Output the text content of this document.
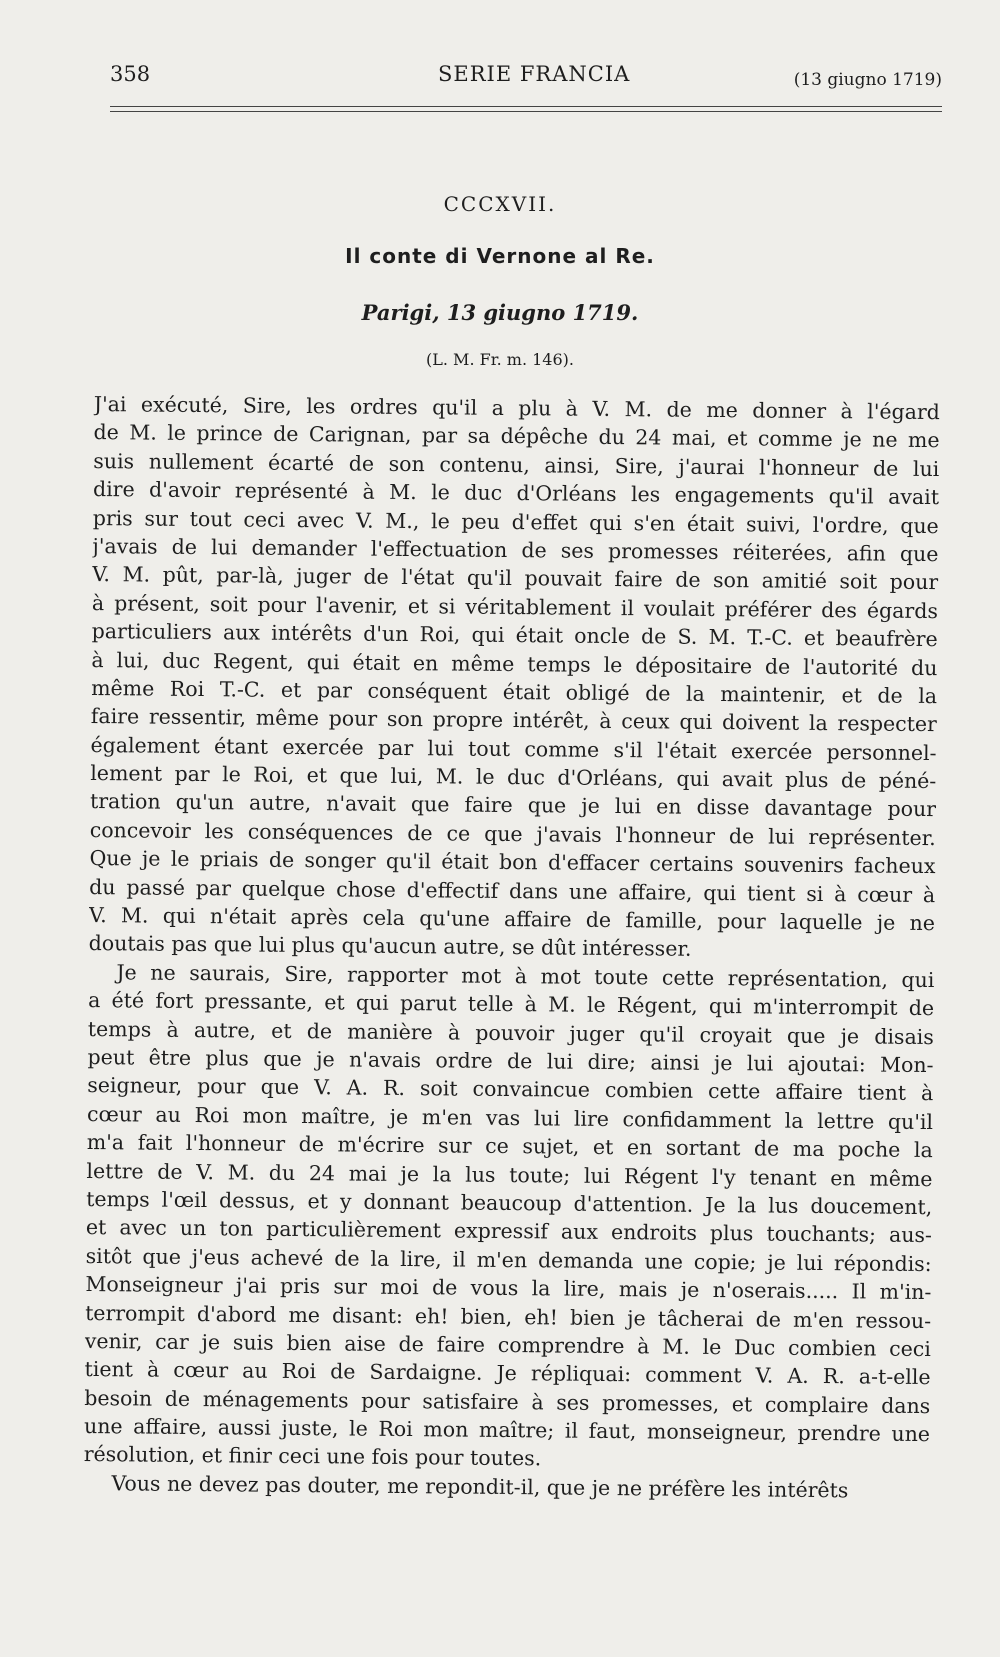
358	SERIE FRANCIA	(13 giugno 1719)
CCCXVII.
Il conte di Vernone al Re.
Parigi, 13 giugno 1719.
(L. M. Fr. m. 146).
J'ai exécuté, Sire, les ordres qu'il a plu à V. M. de me donner à l'égard
de M. le prince de Carignan, par sa dépêche du 24 mai, et comme je ne me
suis nullement écarté de son contenu, ainsi, Sire, j'aurai l'honneur de lui
dire d'avoir représenté à M. le duc d'Orléans les engagements qu'il avait
pris sur tout ceci avec V. M., le peu d'effet qui s'en était suivi, l'ordre, que
j'avais de lui demander l'effectuation de ses promesses réiterées, afin que
V. M. pût, par-là, juger de l'état qu'il pouvait faire de son amitié soit pour
à présent, soit pour l'avenir, et si véritablement il voulait préférer des égards
particuliers aux intérêts d'un Roi, qui était oncle de S. M. T.-C. et beaufrère
à lui, duc Regent, qui était en même temps le dépositaire de l'autorité du
même Roi T.-C. et par conséquent était obligé de la maintenir, et de la
faire ressentir, même pour son propre intérêt, à ceux qui doivent la respecter
également étant exercée par lui tout comme s'il l'était exercée personnel-
lement par le Roi, et que lui, M. le duc d'Orléans, qui avait plus de péné-
tration qu'un autre, n'avait que faire que je lui en disse davantage pour
concevoir les conséquences de ce que j'avais l'honneur de lui représenter.
Que je le priais de songer qu'il était bon d'effacer certains souvenirs facheux
du passé par quelque chose d'effectif dans une affaire, qui tient si à cœur à
V. M. qui n'était après cela qu'une affaire de famille, pour laquelle je ne
doutais pas que lui plus qu'aucun autre, se dût intéresser.
Je ne saurais, Sire, rapporter mot à mot toute cette représentation, qui
a été fort pressante, et qui parut telle à M. le Régent, qui m'interrompit de
temps à autre, et de manière à pouvoir juger qu'il croyait que je disais
peut être plus que je n'avais ordre de lui dire; ainsi je lui ajoutai: Mon-
seigneur, pour que V. A. R. soit convaincue combien cette affaire tient à
cœur au Roi mon maître, je m'en vas lui lire confidamment la lettre qu'il
m'a fait l'honneur de m'écrire sur ce sujet, et en sortant de ma poche la
lettre de V. M. du 24 mai je la lus toute; lui Régent l'y tenant en même
temps l'œil dessus, et y donnant beaucoup d'attention. Je la lus doucement,
et avec un ton particulièrement expressif aux endroits plus touchants; aus-
sitôt que j'eus achevé de la lire, il m'en demanda une copie; je lui répondis:
Monseigneur j'ai pris sur moi de vous la lire, mais je n'oserais..... Il m'in-
terrompit d'abord me disant: eh! bien, eh! bien je tâcherai de m'en ressou-
venir, car je suis bien aise de faire comprendre à M. le Duc combien ceci
tient à cœur au Roi de Sardaigne. Je répliquai: comment V. A. R. a-t-elle
besoin de ménagements pour satisfaire à ses promesses, et complaire dans
une affaire, aussi juste, le Roi mon maître; il faut, monseigneur, prendre une
résolution, et finir ceci une fois pour toutes.
Vous ne devez pas douter, me repondit-il, que je ne préfère les intérêts
